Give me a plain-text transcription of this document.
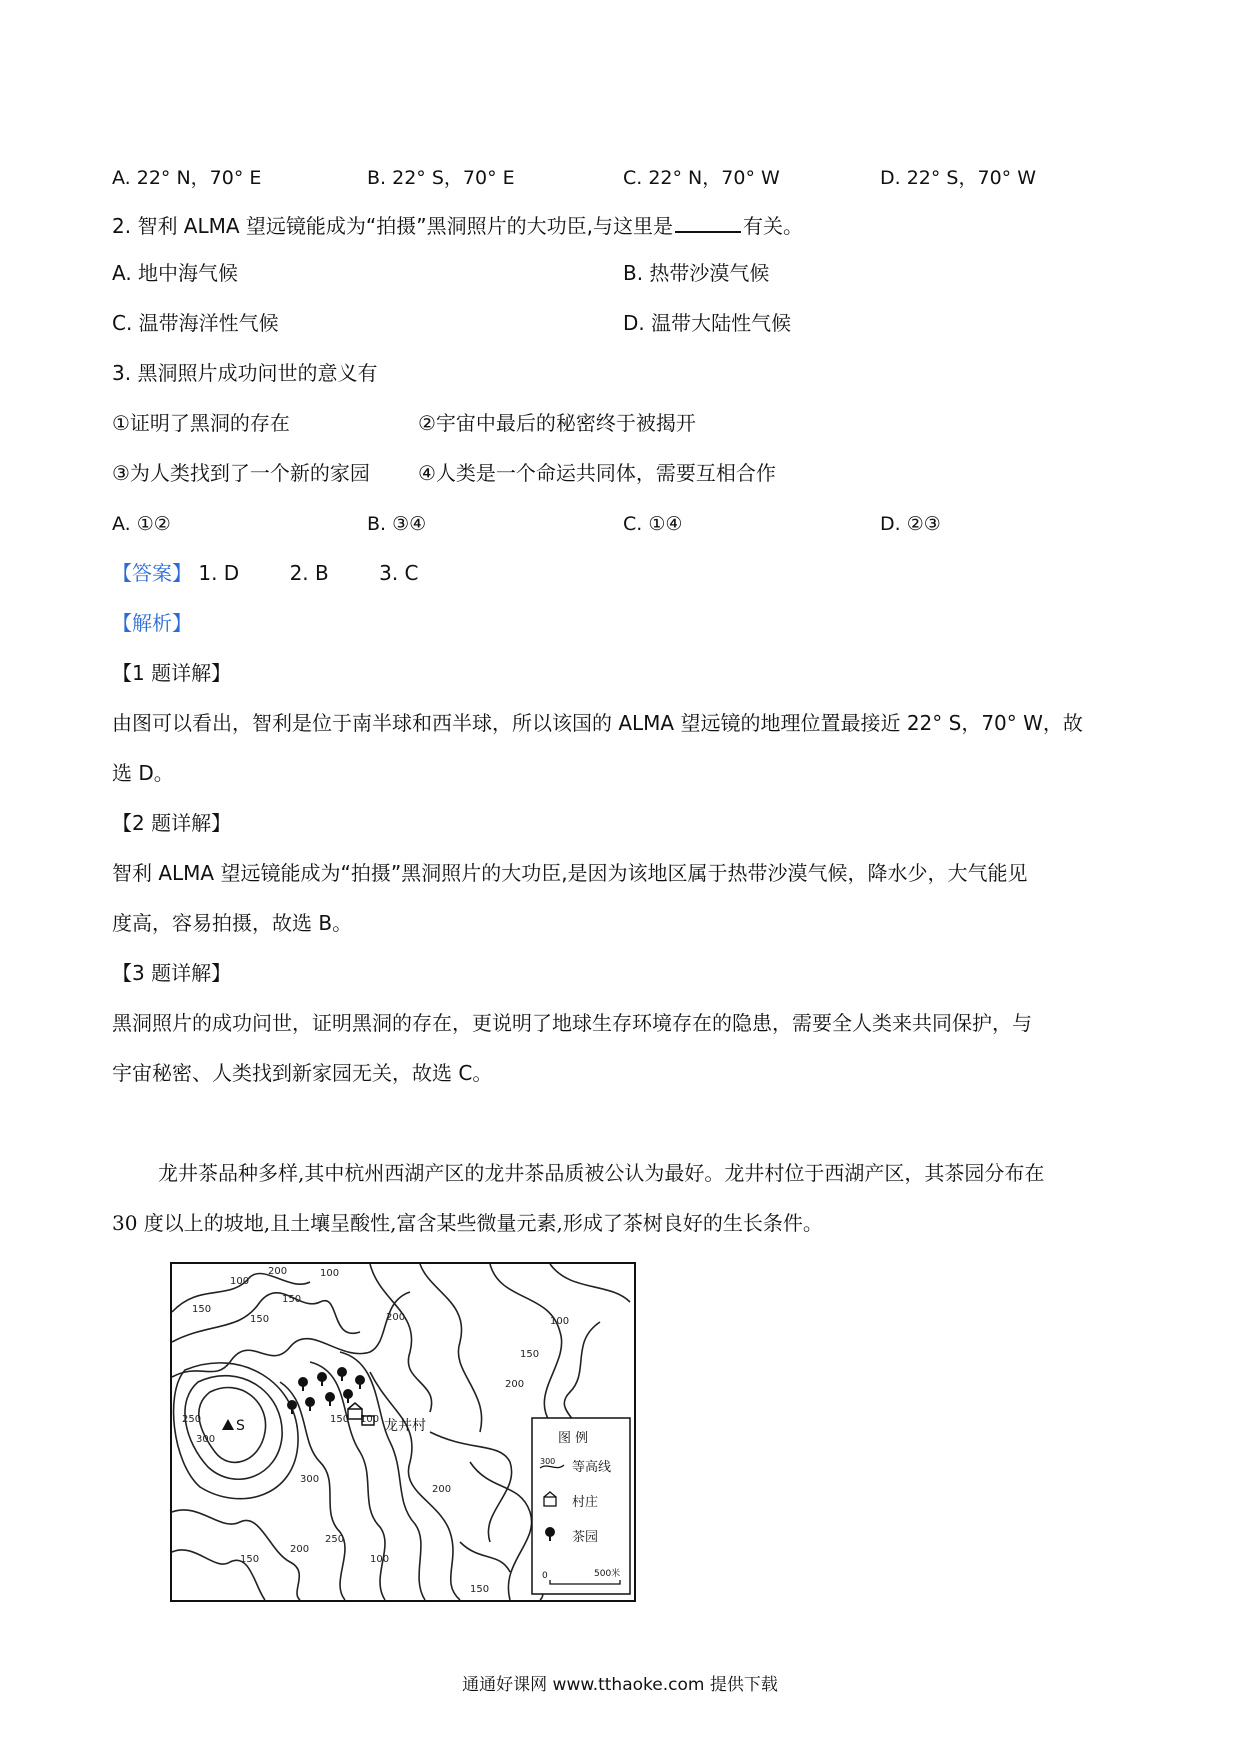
A. 22° N，70° E	B. 22° S，70° E	C. 22° N，70° W	D. 22° S，70° W
2. 智利 ALMA 望远镜能成为“拍摄”黑洞照片的大功臣,与这里是	有关。
A. 地中海气候	B. 热带沙漠气候
C. 温带海洋性气候	D. 温带大陆性气候
3. 黑洞照片成功问世的意义有
①证明了黑洞的存在	②宇宙中最后的秘密终于被揭开
③为人类找到了一个新的家园 ④人类是一个命运共同体，需要互相合作
A. ①②	B. ③④	C. ①④	D. ②③
【答案】 1. D	2. B	3. C
【解析】
【1 题详解】
由图可以看出，智利是位于南半球和西半球，所以该国的 ALMA 望远镜的地理位置最接近 22° S，70° W，故
选 D。
【2 题详解】
智利 ALMA 望远镜能成为“拍摄”黑洞照片的大功臣,是因为该地区属于热带沙漠气候，降水少，大气能见
度高，容易拍摄，故选 B。
【3 题详解】
黑洞照片的成功问世，证明黑洞的存在，更说明了地球生存环境存在的隐患，需要全人类来共同保护，与
宇宙秘密、人类找到新家园无关，故选 C。
龙井茶品种多样,其中杭州西湖产区的龙井茶品质被公认为最好。龙井村位于西湖产区，其茶园分布在
30 度以上的坡地,且土壤呈酸性,富含某些微量元素,形成了茶树良好的生长条件。
100
150
200
150
100
200
150
100
150
200
250
300
300
200
150 100
150
200
250
150
100
S	龙井村
图 例
300 等高线
村庄
茶园
0	500米
通通好课网 www.tthaoke.com 提供下载
